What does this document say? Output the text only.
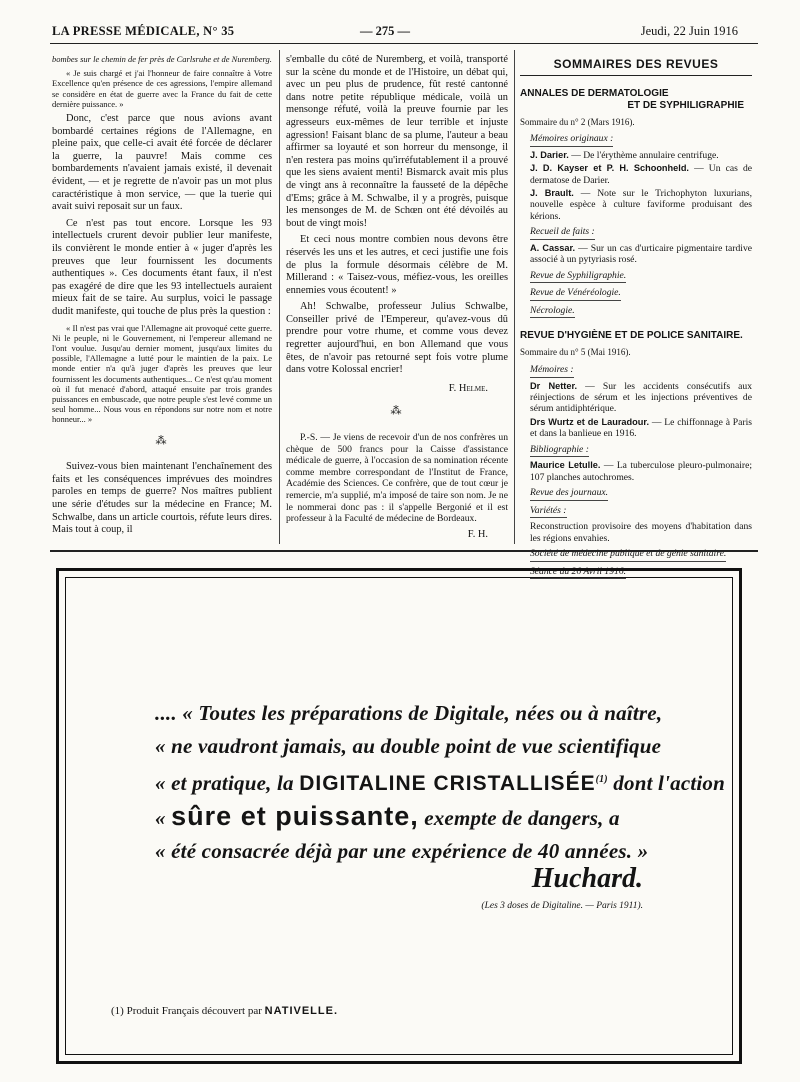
LA PRESSE MÉDICALE, N° 35	— 275 —	Jeudi, 22 Juin 1916

bombes sur le chemin de fer près de Carlsruhe et de Nuremberg.

« Je suis chargé et j'ai l'honneur de faire connaître à Votre Excellence qu'en présence de ces agressions, l'empire allemand se considère en état de guerre avec la France du fait de cette dernière puissance. »

Donc, c'est parce que nous avions avant bombardé certaines régions de l'Allemagne, en pleine paix, que celle-ci avait été forcée de déclarer la guerre, la pauvre! Mais comme ces bombardements n'avaient jamais existé, il devenait évident, — et je regrette de n'avoir pas un mot plus caractéristique à mon service, — que la tuerie qui avait suivi reposait sur un faux.

Ce n'est pas tout encore. Lorsque les 93 intellectuels crurent devoir publier leur manifeste, ils convièrent le monde entier à « juger d'après les preuves que leur fournissent les documents authentiques ». Ces documents étant faux, il n'est pas exagéré de dire que les 93 intellectuels auraient mieux fait de se taire. Au surplus, voici le passage dudit manifeste, qui touche de plus près la question :

« Il n'est pas vrai que l'Allemagne ait provoqué cette guerre. Ni le peuple, ni le Gouvernement, ni l'empereur allemand ne l'ont voulue. Jusqu'au dernier moment, jusqu'aux limites du possible, l'Allemagne a lutté pour le maintien de la paix. Le monde entier n'a qu'à juger d'après les preuves que leur fournissent les documents authentiques... Ce n'est qu'au moment où il fut menacé d'abord, attaqué ensuite par trois grandes puissances en embuscade, que notre peuple s'est levé comme un seul homme... Nous vous en répondons sur notre nom et notre honneur... »

⁂

Suivez-vous bien maintenant l'enchaînement des faits et les conséquences imprévues des moindres paroles en temps de guerre? Nos maîtres publient une série d'études sur la médecine en France; M. Schwalbe, dans un article courtois, réfute leurs dires. Mais tout à coup, il

s'emballe du côté de Nuremberg, et voilà, transporté sur la scène du monde et de l'Histoire, un débat qui, avec un peu plus de prudence, fût resté cantonné dans notre petite république médicale, voilà un mensonge réfuté, voilà la preuve fournie par les agresseurs eux-mêmes de leur terrible et injuste agression! Faisant blanc de sa plume, l'auteur a beau affirmer sa loyauté et son horreur du mensonge, il n'en restera pas moins qu'irréfutablement il a prouvé que les siens avaient menti! Bismarck avait mis plus de vingt ans à reconnaître la fausseté de la dépêche d'Ems; grâce à M. Schwalbe, il y a progrès, puisque les mensonges de M. de Schœn ont été dévoilés au bout de vingt mois!

Et ceci nous montre combien nous devons être réservés les uns et les autres, et ceci justifie une fois de plus la formule désormais célèbre de M. Millerand : « Taisez-vous, méfiez-vous, les oreilles ennemies vous écoutent! »

Ah! Schwalbe, professeur Julius Schwalbe, Conseiller privé de l'Empereur, qu'avez-vous dû prendre pour votre rhume, et comme vous devez regretter aujourd'hui, en bon Allemand que vous êtes, de n'avoir pas retourné sept fois votre plume dans votre Kolossal encrier!

F. Helme.
⁂

P.-S. — Je viens de recevoir d'un de nos confrères un chèque de 500 francs pour la Caisse d'assistance médicale de guerre, à l'occasion de sa nomination récente comme membre correspondant de l'Institut de France, Académie des Sciences. Ce confrère, que de tout cœur je remercie, m'a supplié, m'a imposé de taire son nom. Je ne le nommerai donc pas : il s'appelle Bergonié et il est professeur à la Faculté de médecine de Bordeaux.

F. H.
SOMMAIRES DES REVUES
ANNALES DE DERMATOLOGIE
ET DE SYPHILIGRAPHIE
Sommaire du n° 2 (Mars 1916).
Mémoires originaux :
J. Darier. — De l'érythème annulaire centrifuge.
J. D. Kayser et P. H. Schoonheld. — Un cas de dermatose de Darier.
J. Brault. — Note sur le Trichophyton luxurians, nouvelle espèce à culture faviforme produisant des kérions.
Recueil de faits :
A. Cassar. — Sur un cas d'urticaire pigmentaire tardive associé à un pytyriasis rosé.
Revue de Syphiligraphie.
Revue de Vénéréologie.
Nécrologie.
REVUE D'HYGIÈNE ET DE POLICE SANITAIRE.
Sommaire du n° 5 (Mai 1916).
Mémoires :
Dr Netter. — Sur les accidents consécutifs aux réinjections de sérum et les injections préventives de sérum antidiphtérique.
Drs Wurtz et de Lauradour. — Le chiffonnage à Paris et dans la banlieue en 1916.
Bibliographie :
Maurice Letulle. — La tuberculose pleuro-pulmonaire; 107 planches autochromes.
Revue des journaux.
Variétés :
Reconstruction provisoire des moyens d'habitation dans les régions envahies.
Société de médecine publique et de génie sanitaire.
Séance du 26 Avril 1916.
.... « Toutes les préparations de Digitale, nées ou à naître,
« ne vaudront jamais, au double point de vue scientifique
« et pratique, la DIGITALINE CRISTALLISÉE$^{(1)}$ dont l'action
« sûre et puissante, exempte de dangers, a
« été consacrée déjà par une expérience de 40 années. »
Huchard.
(Les 3 doses de Digitaline. — Paris 1911).
(1) Produit Français découvert par NATIVELLE.
